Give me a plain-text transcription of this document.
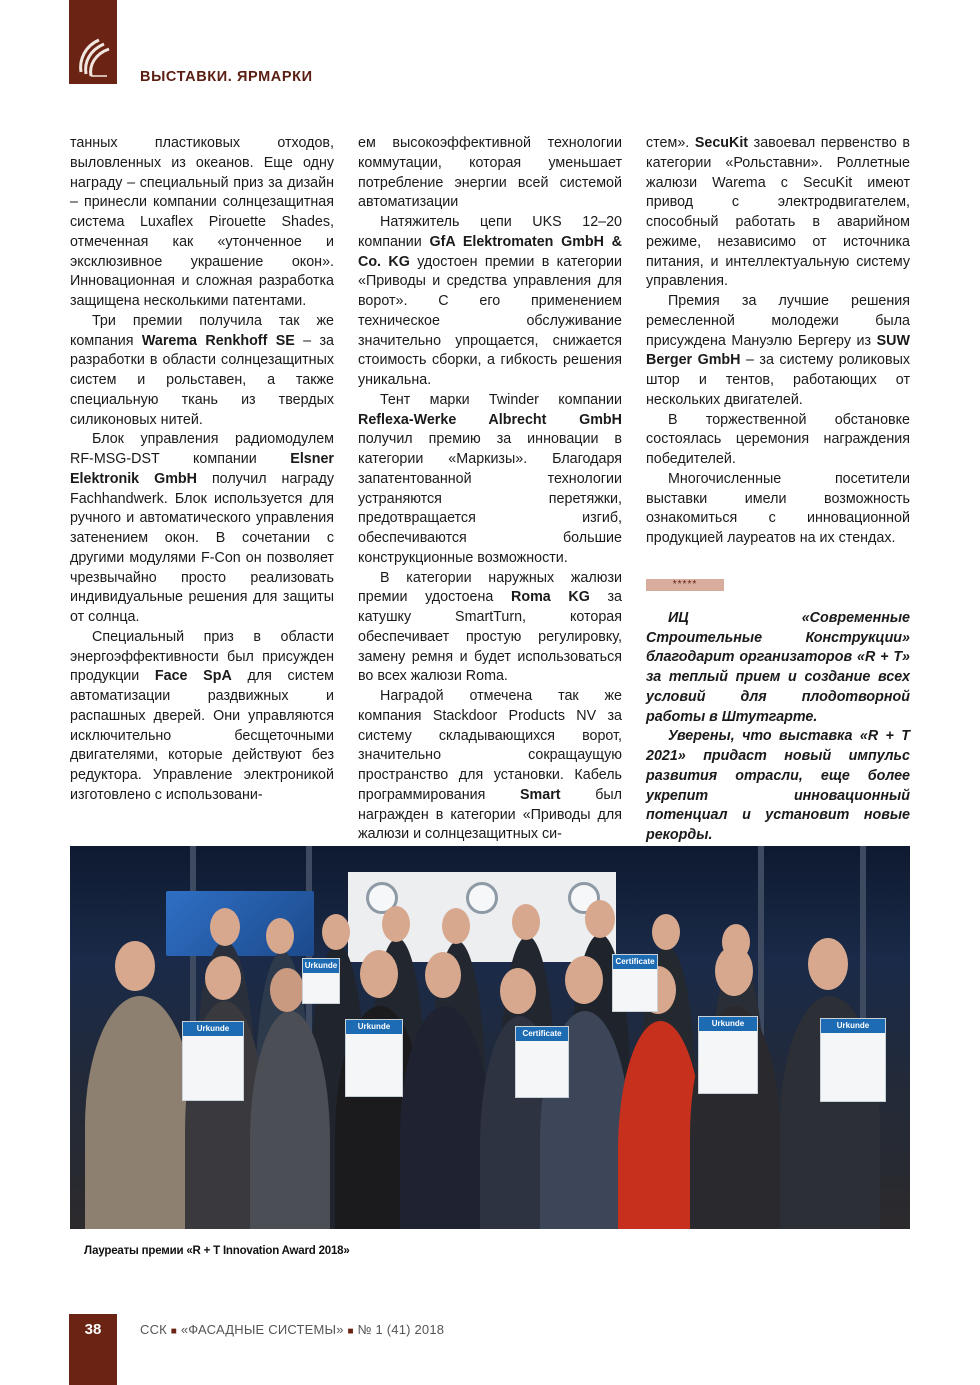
ВЫСТАВКИ. ЯРМАРКИ

танных пластиковых отходов, выловленных из океанов. Еще одну награду – специальный приз за дизайн – принесли компании солнцезащитная система Luxaflex Pirouette Shades, отмеченная как «утонченное и эксклюзивное украшение окон». Инновационная и сложная разработка защищена несколькими патентами.

Три премии получила так же компания Warema Renkhoff SE – за разработки в области солнцезащитных систем и рольставен, а также специальную ткань из твердых силиконовых нитей.

Блок управления радиомодулем RF-MSG-DST компании Elsner Elektronik GmbH получил награду Fachhandwerk. Блок используется для ручного и автоматического управления затенением окон. В сочетании с другими модулями F-Con он позволяет чрезвычайно просто реализовать индивидуальные решения для защиты от солнца.

Специальный приз в области энергоэффективности был присужден продукции Face SpA для систем автоматизации раздвижных и распашных дверей. Они управляются исключительно бесщеточными двигателями, которые действуют без редуктора. Управление электроникой изготовлено с использовани-

ем высокоэффективной технологии коммутации, которая уменьшает потребление энергии всей системой автоматизации

Натяжитель цепи UKS 12–20 компании GfA Elektromaten GmbH & Co. KG удостоен премии в категории «Приводы и средства управления для ворот». С его применением техническое обслуживание значительно упрощается, снижается стоимость сборки, а гибкость решения уникальна.

Тент марки Twinder компании Reflexa-Werke Albrecht GmbH получил премию за инновации в категории «Маркизы». Благодаря запатентованной технологии устраняются перетяжки, предотвращается изгиб, обеспечиваются большие конструкционные возможности.

В категории наружных жалюзи премии удостоена Roma KG за катушку SmartTurn, которая обеспечивает простую регулировку, замену ремня и будет использоваться во всех жалюзи Roma.

Наградой отмечена так же компания Stackdoor Products NV за систему складывающихся ворот, значительно сокращаущую пространство для установки. Кабель программирования Smart был награжден в категории «Приводы для жалюзи и солнцезащитных си-

стем». SecuKit завоевал первенство в категории «Рольставни». Роллетные жалюзи Warema с SecuKit имеют привод с электродвигателем, способный работать в аварийном режиме, независимо от источника питания, и интеллектуальную систему управления.

Премия за лучшие решения ремесленной молодежи была присуждена Мануэлю Бергеру из SUW Berger GmbH – за систему роликовых штор и тентов, работающих от нескольких двигателей.

В торжественной обстановке состоялась церемония награждения победителей.

Многочисленные посетители выставки имели возможность ознакомиться с инновационной продукцией лауреатов на их стендах.

*****

ИЦ «Современные Строительные Конструкции» благодарит организаторов «R + T» за теплый прием и создание всех условий для плодотворной работы в Штутгарте.

Уверены, что выставка «R + T 2021» придаст новый импульс развития отрасли, еще более укрепит инновационный потенциал и установит новые рекорды.

Urkunde	Urkunde
Certificate
Urkunde
Certificate
Urkunde
Urkunde
Лауреаты премии «R + T Innovation Award 2018»
38	ССК ■ «ФАСАДНЫЕ СИСТЕМЫ» ■ № 1 (41) 2018
